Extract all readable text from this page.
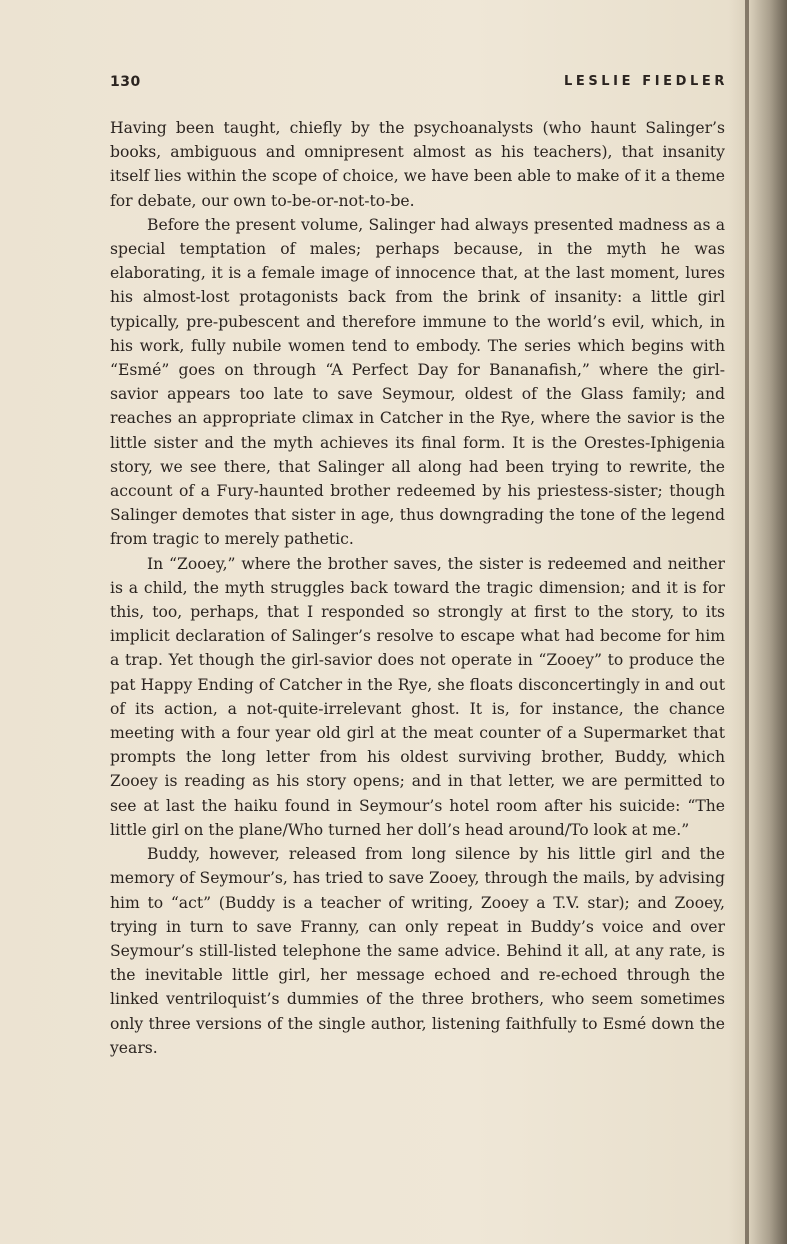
130	LESLIE FIEDLER

Having been taught, chiefly by the psychoanalysts (who haunt Salinger’s books, ambiguous and omnipresent almost as his teachers), that insanity itself lies within the scope of choice, we have been able to make of it a theme for debate, our own to-be-or-not-to-be.

Before the present volume, Salinger had always presented madness as a special temptation of males; perhaps because, in the myth he was elaborating, it is a female image of innocence that, at the last moment, lures his almost-lost protagonists back from the brink of insanity: a little girl typically, pre-pubescent and therefore immune to the world’s evil, which, in his work, fully nubile women tend to embody. The series which begins with “Esmé” goes on through “A Perfect Day for Bananafish,” where the girl-savior appears too late to save Seymour, oldest of the Glass family; and reaches an appropriate climax in Catcher in the Rye, where the savior is the little sister and the myth achieves its final form. It is the Orestes-Iphigenia story, we see there, that Salinger all along had been trying to rewrite, the account of a Fury-haunted brother redeemed by his priestess-sister; though Salinger demotes that sister in age, thus downgrading the tone of the legend from tragic to merely pathetic.

In “Zooey,” where the brother saves, the sister is redeemed and neither is a child, the myth struggles back toward the tragic dimension; and it is for this, too, perhaps, that I responded so strongly at first to the story, to its implicit declaration of Salinger’s resolve to escape what had become for him a trap. Yet though the girl-savior does not operate in “Zooey” to produce the pat Happy Ending of Catcher in the Rye, she floats disconcertingly in and out of its action, a not-quite-irrelevant ghost. It is, for instance, the chance meeting with a four year old girl at the meat counter of a Supermarket that prompts the long letter from his oldest surviving brother, Buddy, which Zooey is reading as his story opens; and in that letter, we are permitted to see at last the haiku found in Seymour’s hotel room after his suicide: “The little girl on the plane/Who turned her doll’s head around/To look at me.”

Buddy, however, released from long silence by his little girl and the memory of Seymour’s, has tried to save Zooey, through the mails, by advising him to “act” (Buddy is a teacher of writing, Zooey a T.V. star); and Zooey, trying in turn to save Franny, can only repeat in Buddy’s voice and over Seymour’s still-listed telephone the same advice. Behind it all, at any rate, is the inevitable little girl, her message echoed and re-echoed through the linked ventriloquist’s dummies of the three brothers, who seem sometimes only three versions of the single author, listening faithfully to Esmé down the years.
